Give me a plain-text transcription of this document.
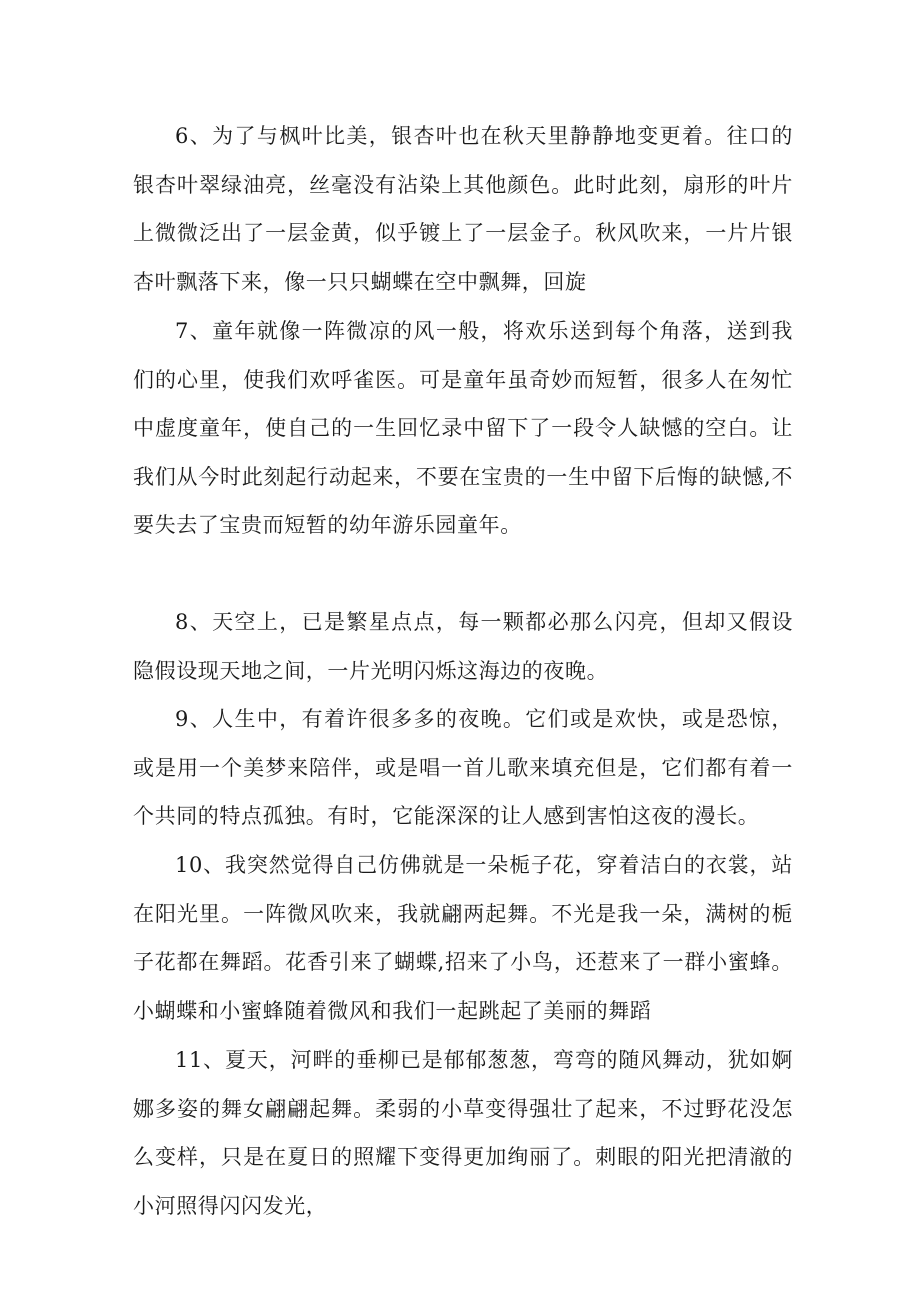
6、为了与枫叶比美，银杏叶也在秋天里静静地变更着。往口的银杏叶翠绿油亮，丝毫没有沾染上其他颜色。此时此刻，扇形的叶片上微微泛出了一层金黄，似乎镀上了一层金子。秋风吹来，一片片银杏叶飘落下来，像一只只蝴蝶在空中飘舞，回旋

7、童年就像一阵微凉的风一般，将欢乐送到每个角落，送到我们的心里，使我们欢呼雀医。可是童年虽奇妙而短暂，很多人在匆忙中虚度童年，使自己的一生回忆录中留下了一段令人缺憾的空白。让我们从今时此刻起行动起来，不要在宝贵的一生中留下后悔的缺憾,不要失去了宝贵而短暂的幼年游乐园童年。

8、天空上，已是繁星点点，每一颗都必那么闪亮，但却又假设隐假设现天地之间，一片光明闪烁这海边的夜晚。

9、人生中，有着许很多多的夜晚。它们或是欢快，或是恐惊，或是用一个美梦来陪伴，或是唱一首儿歌来填充但是，它们都有着一个共同的特点孤独。有时，它能深深的让人感到害怕这夜的漫长。

10、我突然觉得自己仿佛就是一朵栀子花，穿着洁白的衣裳，站在阳光里。一阵微风吹来，我就翩两起舞。不光是我一朵，满树的栀子花都在舞蹈。花香引来了蝴蝶,招来了小鸟，还惹来了一群小蜜蜂。小蝴蝶和小蜜蜂随着微风和我们一起跳起了美丽的舞蹈

11、夏天，河畔的垂柳已是郁郁葱葱，弯弯的随风舞动，犹如婀娜多姿的舞女翩翩起舞。柔弱的小草变得强壮了起来，不过野花没怎么变样，只是在夏日的照耀下变得更加绚丽了。刺眼的阳光把清澈的小河照得闪闪发光，
